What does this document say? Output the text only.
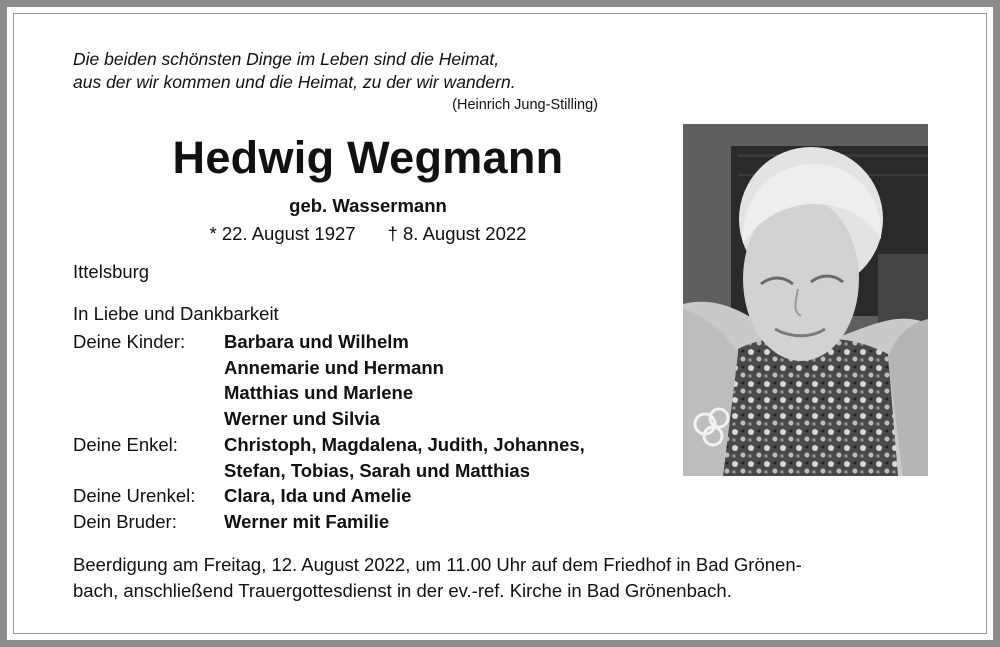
Die beiden schönsten Dinge im Leben sind die Heimat,
aus der wir kommen und die Heimat, zu der wir wandern.
(Heinrich Jung-Stilling)
Hedwig Wegmann
geb. Wassermann
* 22. August 1927 † 8. August 2022
Ittelsburg
In Liebe und Dankbarkeit
Deine Kinder:	Barbara und Wilhelm
Annemarie und Hermann
Matthias und Marlene
Werner und Silvia
Deine Enkel:	Christoph, Magdalena, Judith, Johannes,
Stefan, Tobias, Sarah und Matthias
Deine Urenkel:	Clara, Ida und Amelie
Dein Bruder:	Werner mit Familie
Beerdigung am Freitag, 12. August 2022, um 11.00 Uhr auf dem Friedhof in Bad Grönen-
bach, anschließend Trauergottesdienst in der ev.-ref. Kirche in Bad Grönenbach.
